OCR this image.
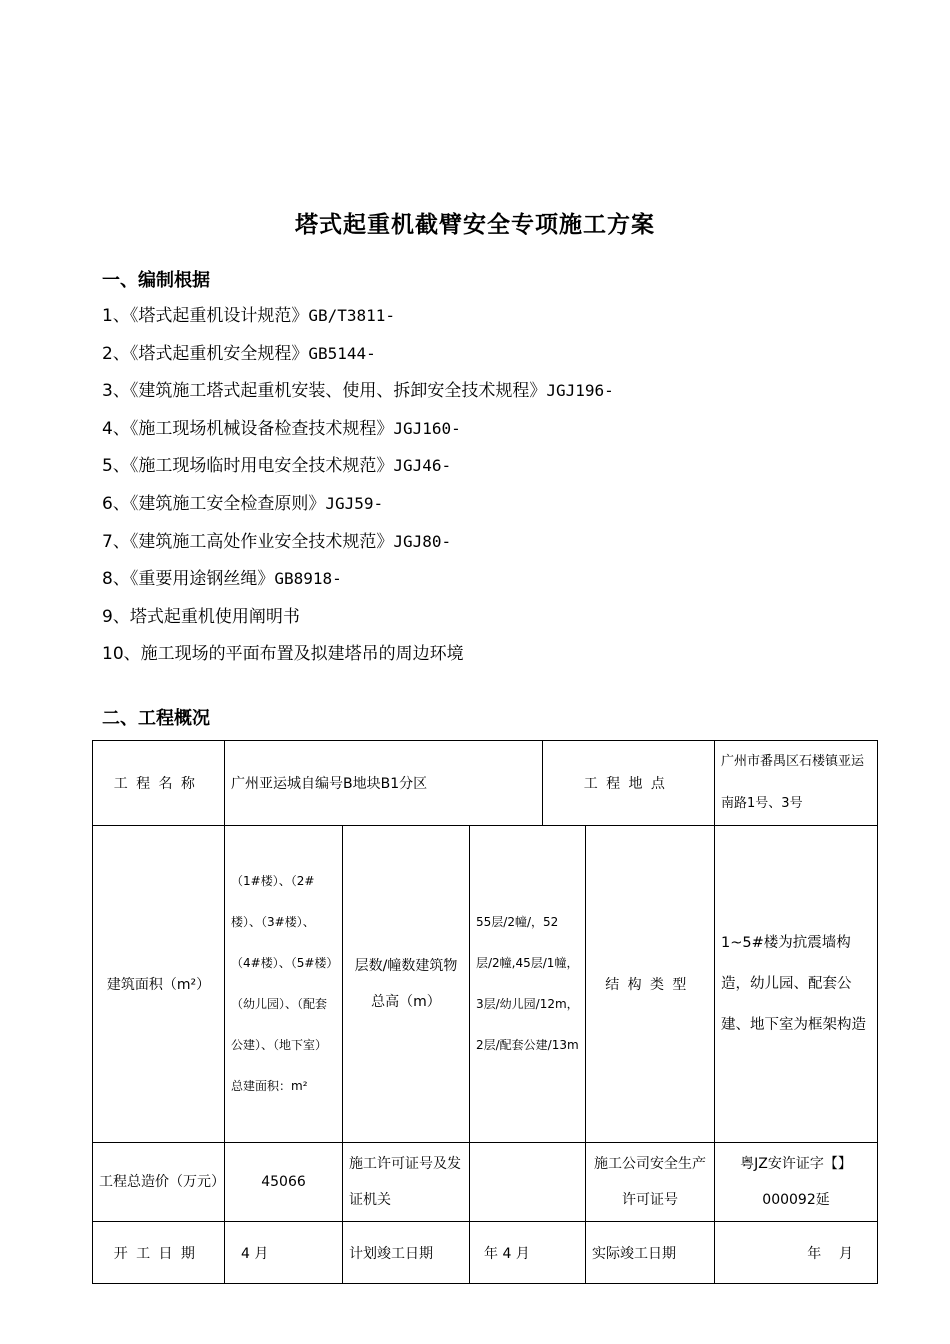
塔式起重机截臂安全专项施工方案
一、编制根据
1、《塔式起重机设计规范》GB/T3811-
2、《塔式起重机安全规程》GB5144-
3、《建筑施工塔式起重机安装、使用、拆卸安全技术规程》JGJ196-
4、《施工现场机械设备检查技术规程》JGJ160-
5、《施工现场临时用电安全技术规范》JGJ46-
6、《建筑施工安全检查原则》JGJ59-
7、《建筑施工高处作业安全技术规范》JGJ80-
8、《重要用途钢丝绳》GB8918-
9、塔式起重机使用阐明书
10、施工现场的平面布置及拟建塔吊的周边环境
二、工程概况
工程名称	广州亚运城自编号B地块B1分区			工程地点		广州市番禺区石楼镇亚运南路1号、3号
建筑面积（m²）	（1#楼）、（2#楼）、（3#楼）、（4#楼）、（5#楼）（幼儿园）、（配套公建）、（地下室）总建面积：m²	层数/幢数建筑物总高（m）	55层/2幢/，52层/2幢,45层/1幢，3层/幼儿园/12m，2层/配套公建/13m		结构类型	1~5#楼为抗震墙构造，幼儿园、配套公建、地下室为框架构造
工程总造价（万元）	45066	施工许可证号及发证机关			施工公司安全生产许可证号	粤JZ安许证字【】000092延
开工日期	4 月	计划竣工日期	年 4 月		实际竣工日期	年    月
